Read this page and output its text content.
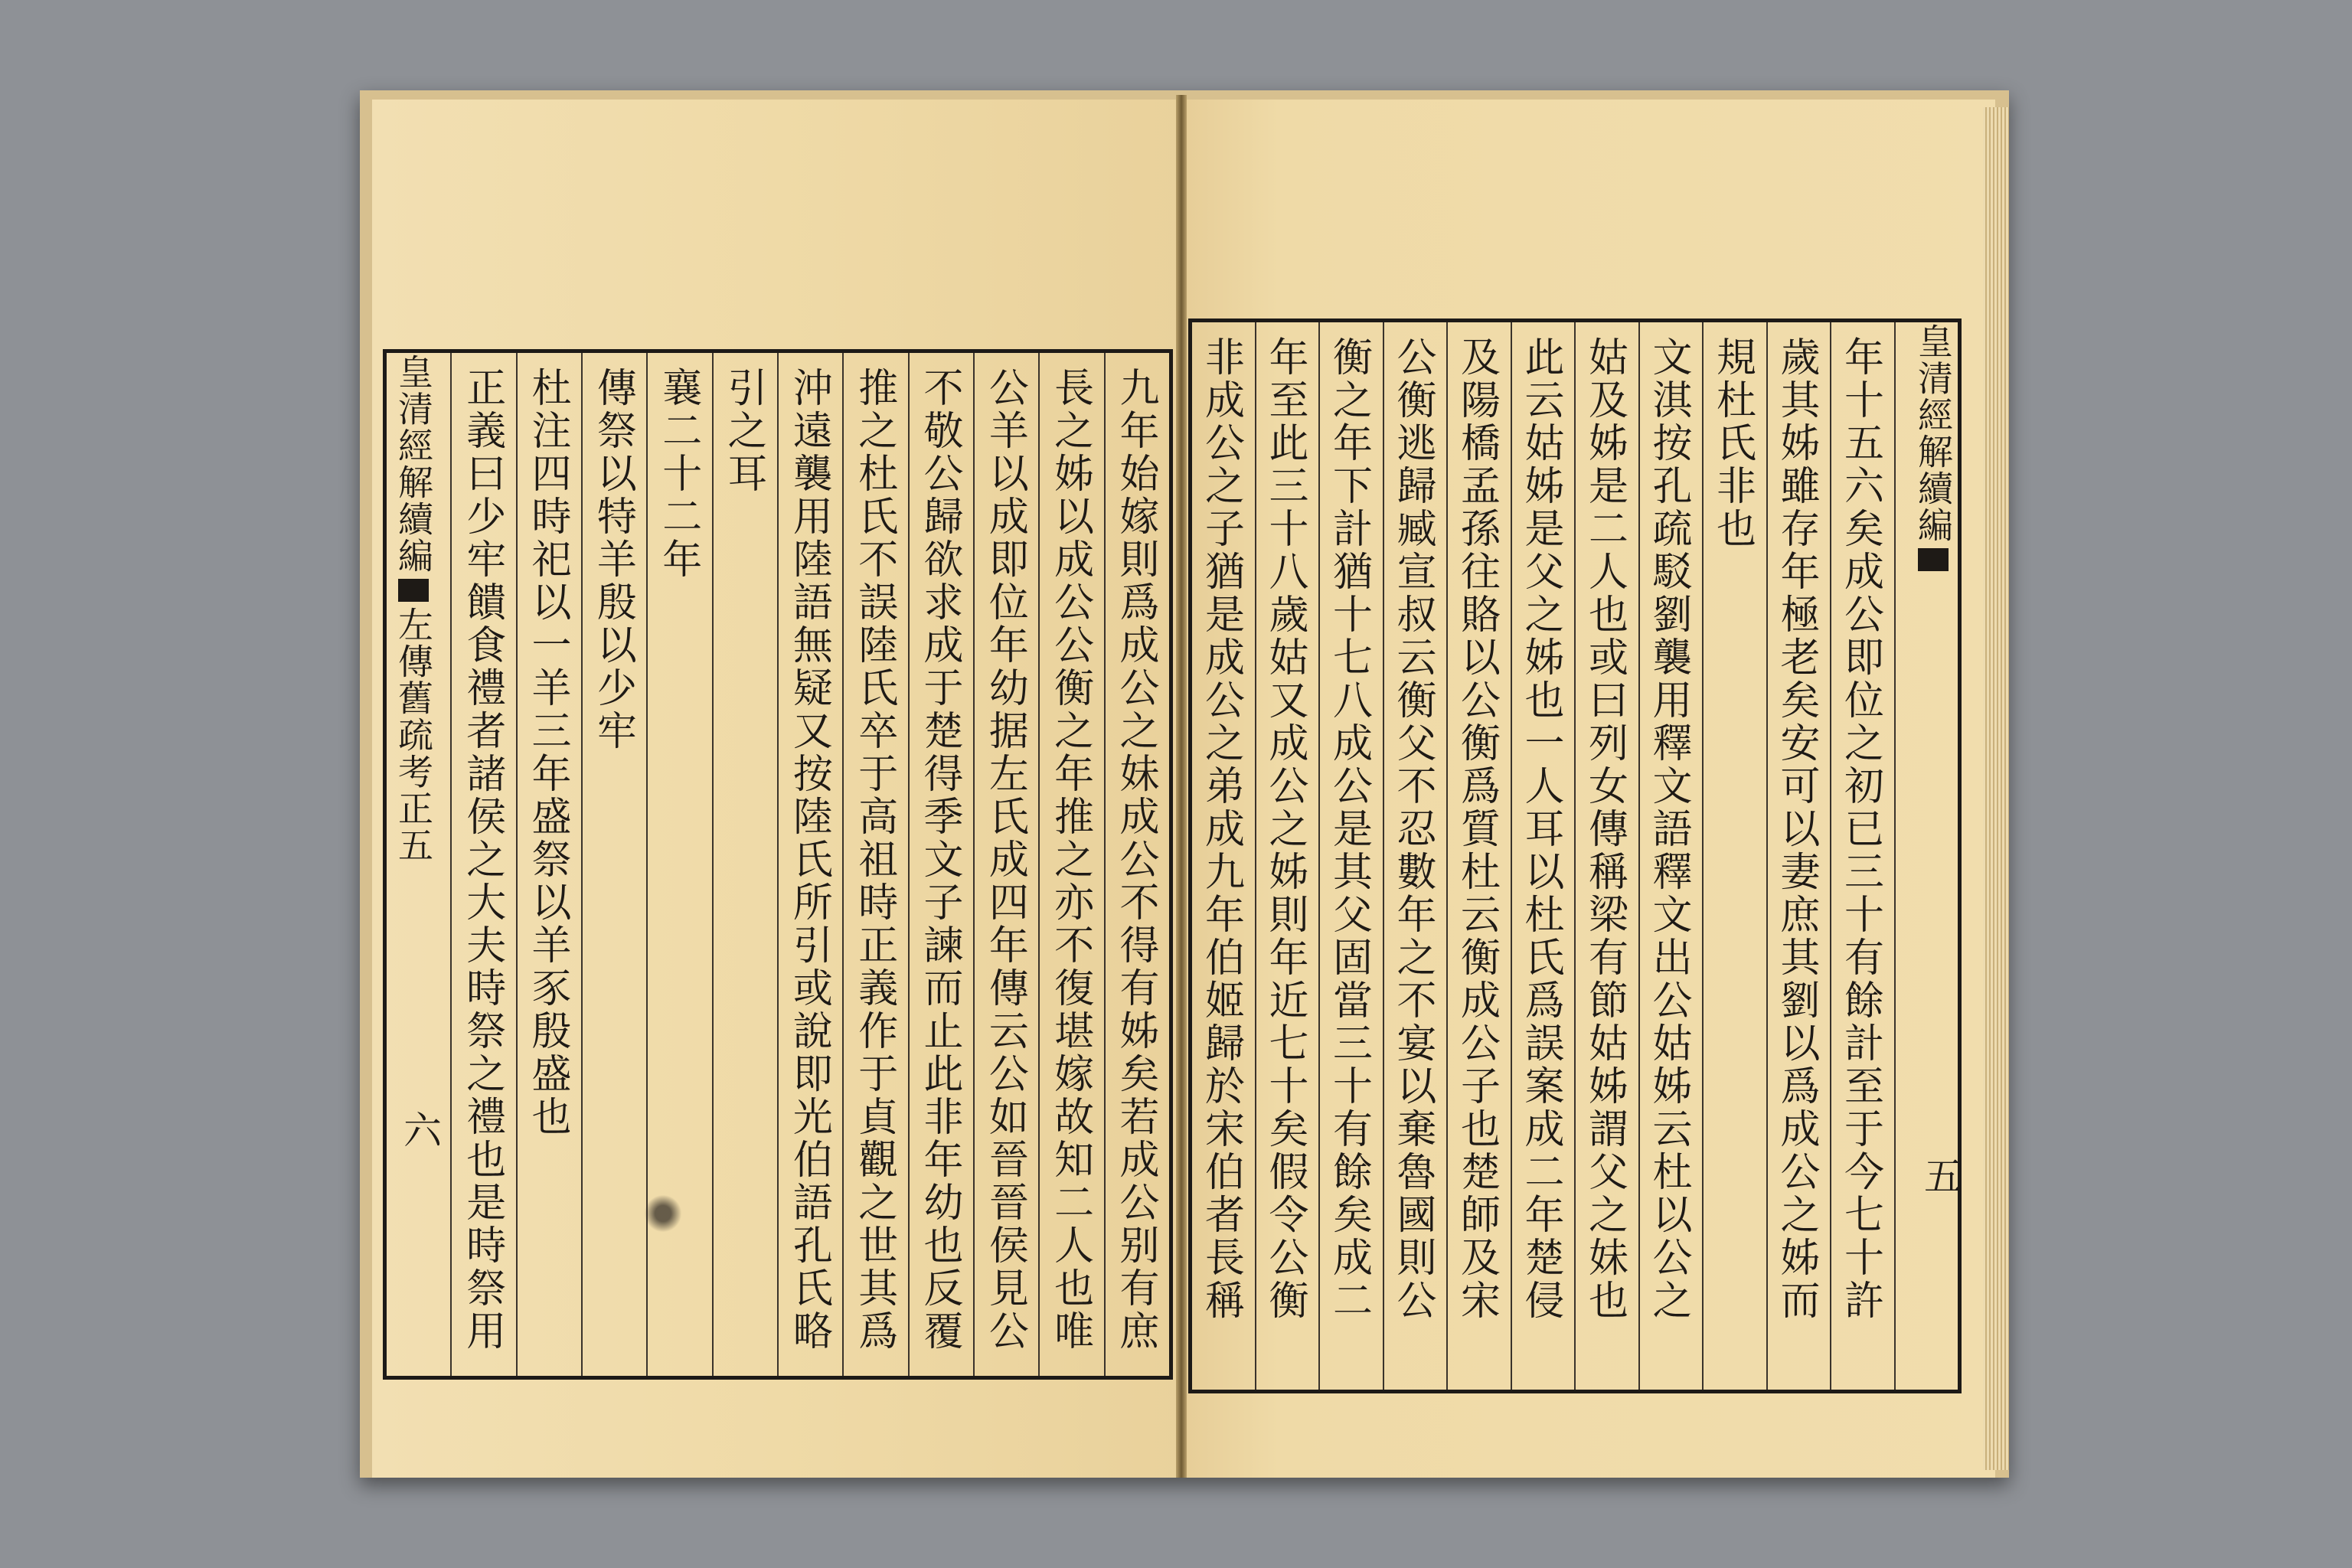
九年始嫁則爲成公之妹成公不得有姊矣若成公别有庶
長之姊以成公公衡之年推之亦不復堪嫁故知二人也唯
公羊以成即位年幼据左氏成四年傳云公如晉晉侯見公
不敬公歸欲求成于楚得季文子諫而止此非年幼也反覆
推之杜氏不誤陸氏卒于高祖時正義作于貞觀之世其爲
沖遠襲用陸語無疑又按陸氏所引或說即光伯語孔氏略
引之耳
襄二十二年
傳祭以特羊殷以少牢
杜注四時祀以一羊三年盛祭以羊豕殷盛也
正義曰少牢饋食禮者諸侯之大夫時祭之禮也是時祭用
皇清經解續編左傳舊疏考正五
六	年十五六矣成公即位之初已三十有餘計至于今七十許
歲其姊雖存年極老矣安可以妻庶其劉以爲成公之姊而
規杜氏非也
文淇按孔疏駁劉襲用釋文語釋文出公姑姊云杜以公之
姑及姊是二人也或曰列女傳稱梁有節姑姊謂父之妹也
此云姑姊是父之姊也一人耳以杜氏爲誤案成二年楚侵
及陽橋孟孫往賂以公衡爲質杜云衡成公子也楚師及宋
公衡逃歸臧宣叔云衡父不忍數年之不宴以棄魯國則公
衡之年下計猶十七八成公是其父固當三十有餘矣成二
年至此三十八歲姑又成公之姊則年近七十矣假令公衡
非成公之子猶是成公之弟成九年伯姬歸於宋伯者長稱	皇清經解續編
五
